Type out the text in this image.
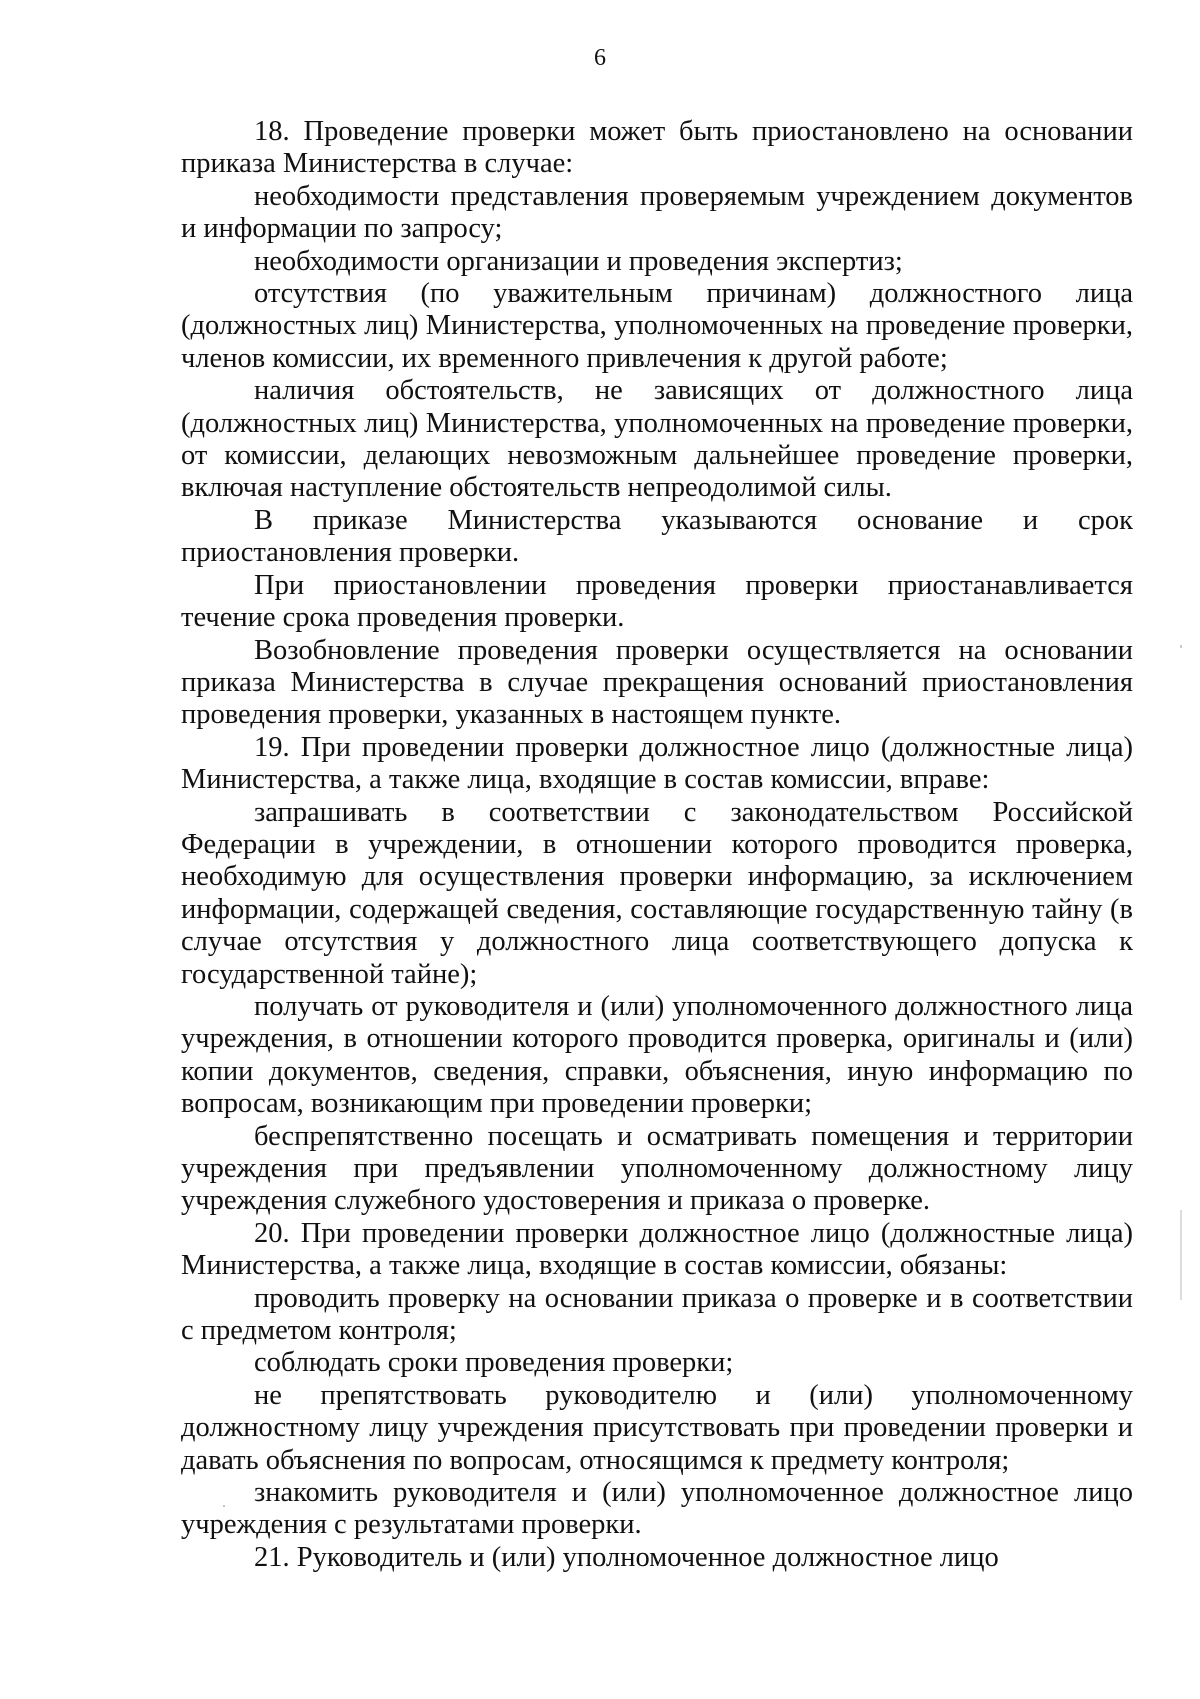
6

18. Проведение проверки может быть приостановлено на основании приказа Министерства в случае:

необходимости представления проверяемым учреждением документов и информации по запросу;

необходимости организации и проведения экспертиз;

отсутствия (по уважительным причинам) должностного лица (должностных лиц) Министерства, уполномоченных на проведение проверки, членов комиссии, их временного привлечения к другой работе;

наличия обстоятельств, не зависящих от должностного лица (должностных лиц) Министерства, уполномоченных на проведение проверки, от комиссии, делающих невозможным дальнейшее проведение проверки, включая наступление обстоятельств непреодолимой силы.

В приказе Министерства указываются основание и срок приостановления проверки.

При приостановлении проведения проверки приостанавливается течение срока проведения проверки.

Возобновление проведения проверки осуществляется на основании приказа Министерства в случае прекращения оснований приостановления проведения проверки, указанных в настоящем пункте.

19. При проведении проверки должностное лицо (должностные лица) Министерства, а также лица, входящие в состав комиссии, вправе:

запрашивать в соответствии с законодательством Российской Федерации в учреждении, в отношении которого проводится проверка, необходимую для осуществления проверки информацию, за исключением информации, содержащей сведения, составляющие государственную тайну (в случае отсутствия у должностного лица соответствующего допуска к государственной тайне);

получать от руководителя и (или) уполномоченного должностного лица учреждения, в отношении которого проводится проверка, оригиналы и (или) копии документов, сведения, справки, объяснения, иную информацию по вопросам, возникающим при проведении проверки;

беспрепятственно посещать и осматривать помещения и территории учреждения при предъявлении уполномоченному должностному лицу учреждения служебного удостоверения и приказа о проверке.

20. При проведении проверки должностное лицо (должностные лица) Министерства, а также лица, входящие в состав комиссии, обязаны:

проводить проверку на основании приказа о проверке и в соответствии с предметом контроля;

соблюдать сроки проведения проверки;

не препятствовать руководителю и (или) уполномоченному должностному лицу учреждения присутствовать при проведении проверки и давать объяснения по вопросам, относящимся к предмету контроля;

знакомить руководителя и (или) уполномоченное должностное лицо учреждения с результатами проверки.

21. Руководитель и (или) уполномоченное должностное лицо
